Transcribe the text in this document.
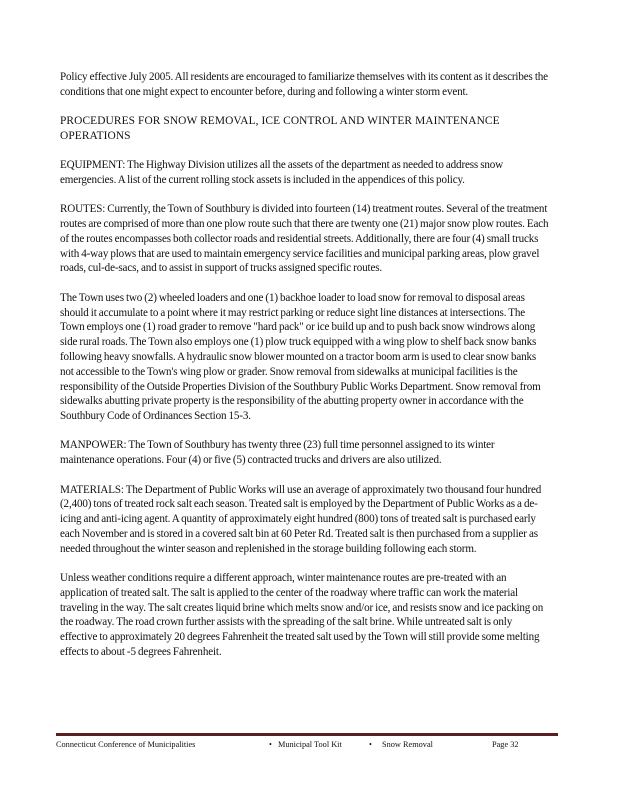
Policy effective July 2005. All residents are encouraged to familiarize themselves with its content as it describes the conditions that one might expect to encounter before, during and following a winter storm event.

PROCEDURES FOR SNOW REMOVAL, ICE CONTROL AND WINTER MAINTENANCE OPERATIONS

EQUIPMENT: The Highway Division utilizes all the assets of the department as needed to address snow emergencies. A list of the current rolling stock assets is included in the appendices of this policy.

ROUTES: Currently, the Town of Southbury is divided into fourteen (14) treatment routes. Several of the treatment routes are comprised of more than one plow route such that there are twenty one (21) major snow plow routes. Each of the routes encompasses both collector roads and residential streets. Additionally, there are four (4) small trucks with 4-way plows that are used to maintain emergency service facilities and municipal parking areas, plow gravel roads, cul-de-sacs, and to assist in support of trucks assigned specific routes.

The Town uses two (2) wheeled loaders and one (1) backhoe loader to load snow for removal to disposal areas should it accumulate to a point where it may restrict parking or reduce sight line distances at intersections. The Town employs one (1) road grader to remove "hard pack" or ice build up and to push back snow windrows along side rural roads. The Town also employs one (1) plow truck equipped with a wing plow to shelf back snow banks following heavy snowfalls. A hydraulic snow blower mounted on a tractor boom arm is used to clear snow banks not accessible to the Town's wing plow or grader. Snow removal from sidewalks at municipal facilities is the responsibility of the Outside Properties Division of the Southbury Public Works Department. Snow removal from sidewalks abutting private property is the responsibility of the abutting property owner in accordance with the Southbury Code of Ordinances Section 15-3.

MANPOWER: The Town of Southbury has twenty three (23) full time personnel assigned to its winter maintenance operations. Four (4) or five (5) contracted trucks and drivers are also utilized.

MATERIALS: The Department of Public Works will use an average of approximately two thousand four hundred (2,400) tons of treated rock salt each season. Treated salt is employed by the Department of Public Works as a de-icing and anti-icing agent. A quantity of approximately eight hundred (800) tons of treated salt is purchased early each November and is stored in a covered salt bin at 60 Peter Rd. Treated salt is then purchased from a supplier as needed throughout the winter season and replenished in the storage building following each storm.

Unless weather conditions require a different approach, winter maintenance routes are pre-treated with an application of treated salt. The salt is applied to the center of the roadway where traffic can work the material traveling in the way. The salt creates liquid brine which melts snow and/or ice, and resists snow and ice packing on the roadway. The road crown further assists with the spreading of the salt brine. While untreated salt is only effective to approximately 20 degrees Fahrenheit the treated salt used by the Town will still provide some melting effects to about -5 degrees Fahrenheit.

Connecticut Conference of Municipalities	• Municipal Tool Kit	• Snow Removal	Page 32
